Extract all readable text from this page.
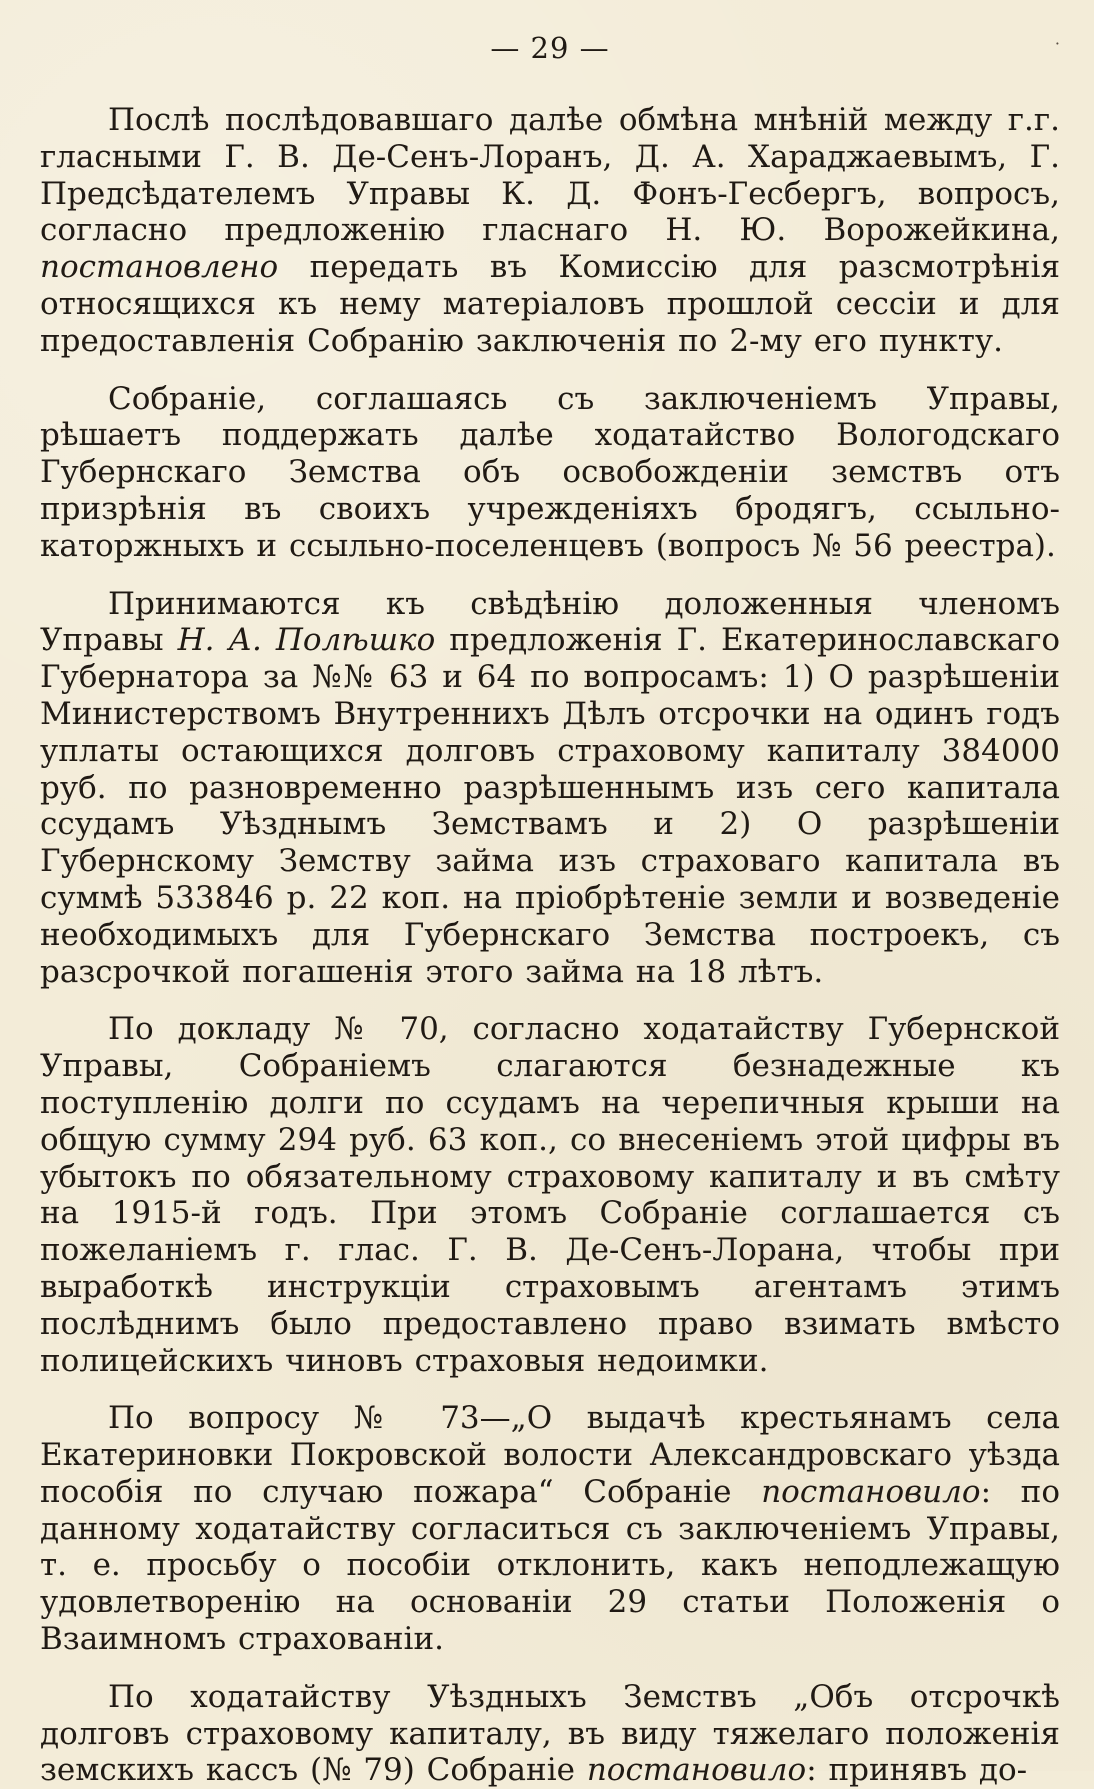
·
— 29 —

Послѣ послѣдовавшаго далѣе обмѣна мнѣній между г.г. гласными Г. В. Де-Сенъ-Лоранъ, Д. А. Хараджаевымъ, Г. Предсѣдателемъ Управы К. Д. Фонъ-Гесбергъ, вопросъ, согласно предложенію гласнаго Н. Ю. Ворожейкина, постановлено передать въ Комиссію для разсмотрѣнія относящихся къ нему матеріаловъ прошлой сессіи и для предоставленія Собранію заключенія по 2-му его пункту.

Собраніе, соглашаясь съ заключеніемъ Управы, рѣшаетъ поддержать далѣе ходатайство Вологодскаго Губернскаго Земства объ освобожденіи земствъ отъ призрѣнія въ своихъ учрежденіяхъ бродягъ, ссыльно-каторжныхъ и ссыльно-поселенцевъ (вопросъ № 56 реестра).

Принимаются къ свѣдѣнію доложенныя членомъ Управы Н. А. Полѣшко предложенія Г. Екатеринославскаго Губернатора за №№ 63 и 64 по вопросамъ: 1) О разрѣшеніи Министерствомъ Внутреннихъ Дѣлъ отсрочки на одинъ годъ уплаты остающихся долговъ страховому капиталу 384000 руб. по разновременно разрѣшеннымъ изъ сего капитала ссудамъ Уѣзднымъ Земствамъ и 2) О разрѣшеніи Губернскому Земству займа изъ страховаго капитала въ суммѣ 533846 р. 22 коп. на пріобрѣтеніе земли и возведеніе необходимыхъ для Губернскаго Земства построекъ, съ разсрочкой погашенія этого займа на 18 лѣтъ.

По докладу № 70, согласно ходатайству Губернской Управы, Собраніемъ слагаются безнадежные къ поступленію долги по ссудамъ на черепичныя крыши на общую сумму 294 руб. 63 коп., со внесеніемъ этой цифры въ убытокъ по обязательному страховому капиталу и въ смѣту на 1915-й годъ. При этомъ Собраніе соглашается съ пожеланіемъ г. глас. Г. В. Де-Сенъ-Лорана, чтобы при выработкѣ инструкціи страховымъ агентамъ этимъ послѣднимъ было предоставлено право взимать вмѣсто полицейскихъ чиновъ страховыя недоимки.

По вопросу № 73—„О выдачѣ крестьянамъ села Екатериновки Покровской волости Александровскаго уѣзда пособія по случаю пожара“ Собраніе постановило: по данному ходатайству согласиться съ заключеніемъ Управы, т. е. просьбу о пособіи отклонить, какъ неподлежащую удовлетворенію на основаніи 29 статьи Положенія о Взаимномъ страхованіи.

По ходатайству Уѣздныхъ Земствъ „Объ отсрочкѣ долговъ страховому капиталу, въ виду тяжелаго положенія земскихъ кассъ (№ 79) Собраніе постановило: принявъ до-
